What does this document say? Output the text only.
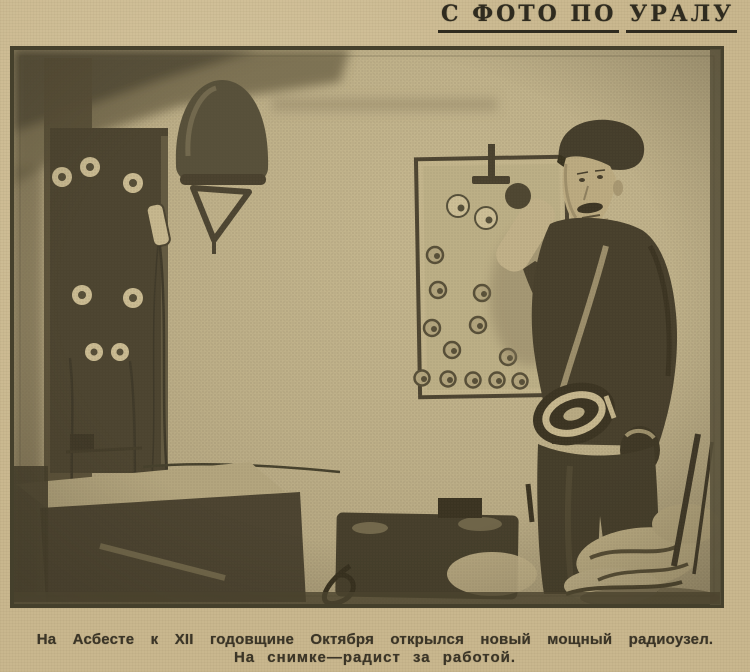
С ФОТО ПО УРАЛУ
На Асбесте к XII годовщине Октября открылся новый мощный радиоузел.
На снимке—радист за работой.
